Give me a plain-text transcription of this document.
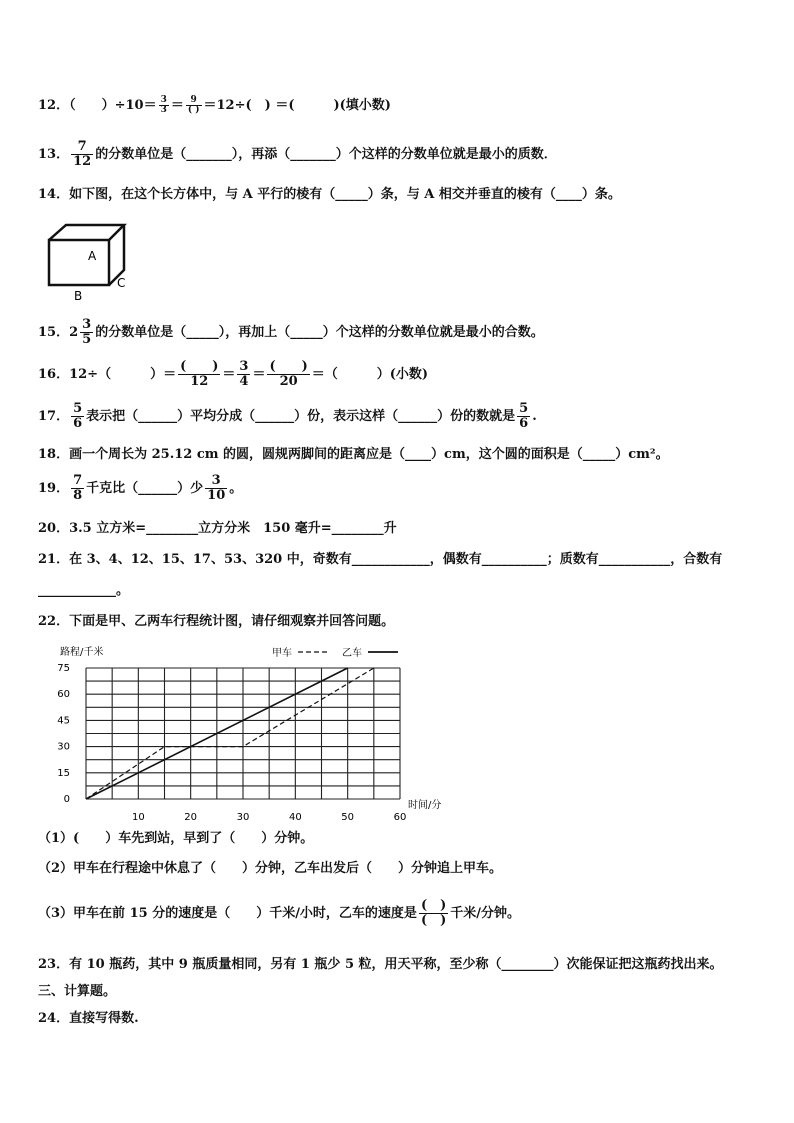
12．（　　）$\div 10= \frac{3}{3} = \frac{9}{( )} =12\div$(　) ＝(　　　)(填小数)
13． $\frac{7}{12}$ 的分数单位是（_______），再添（_______）个这样的分数单位就是最小的质数．
14．如下图，在这个长方体中，与 A 平行的棱有（_____）条，与 A 相交并垂直的棱有（____）条。
A
B
C
15．$2 \frac{3}{5}$ 的分数单位是（_____），再加上（_____）个这样的分数单位就是最小的合数。
16．12÷（　　　）＝ $\frac{( )}{12} = \frac{3}{4} = \frac{( )}{20}$ ＝（　　　）(小数)
17． $\frac{5}{6}$ 表示把（______）平均分成（______）份，表示这样（______）份的数就是 $\frac{5}{6}$ .
18．画一个周长为 25.12 cm 的圆，圆规两脚间的距离应是（____）cm，这个圆的面积是（_____）cm²。
19． $\frac{7}{8}$ 千克比（______）少 $\frac{3}{10}$ 。
20．3.5 立方米=________立方分米　150 毫升=________升
21．在 3、4、12、15、17、53、320 中，奇数有____________，偶数有__________；质数有___________，合数有
____________。
22．下面是甲、乙两车行程统计图，请仔细观察并回答问题。
0
15
30
45
60
75
10	20	30	40	50	60
路程/千米
时间/分
甲车	乙车
（1）(　　）车先到站，早到了（　　）分钟。
（2）甲车在行程途中休息了（　　）分钟，乙车出发后（　　）分钟追上甲车。
（3）甲车在前 15 分的速度是（　　）千米/小时，乙车的速度是 $\frac{( )}{( )}$ 千米/分钟。
23．有 10 瓶药，其中 9 瓶质量相同，另有 1 瓶少 5 粒，用天平称，至少称（________）次能保证把这瓶药找出来。
三、计算题。
24．直接写得数.
